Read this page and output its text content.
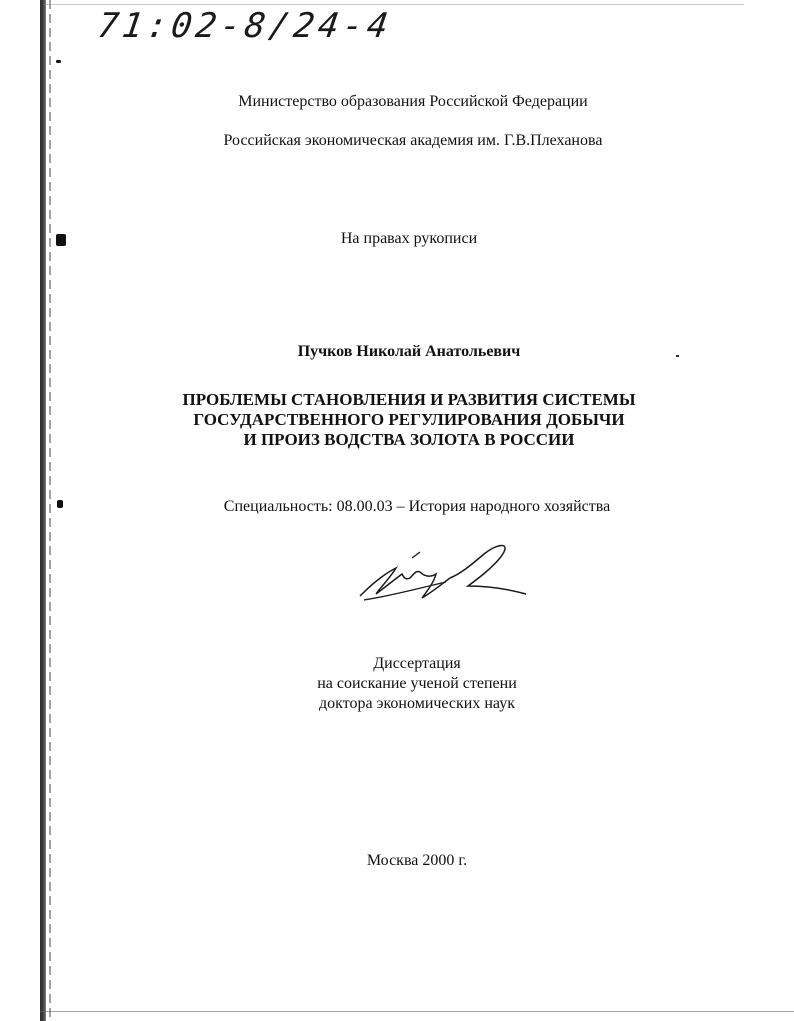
71:02-8/24-4
Министерство образования Российской Федерации
Российская экономическая академия им. Г.В.Плеханова
На правах рукописи
Пучков Николай Анатольевич
ПРОБЛЕМЫ СТАНОВЛЕНИЯ И РАЗВИТИЯ СИСТЕМЫ
ГОСУДАРСТВЕННОГО РЕГУЛИРОВАНИЯ ДОБЫЧИ
И ПРОИЗ ВОДСТВА ЗОЛОТА В РОССИИ
Специальность: 08.00.03 – История народного хозяйства
Диссертация
на соискание ученой степени
доктора экономических наук
Москва 2000 г.
